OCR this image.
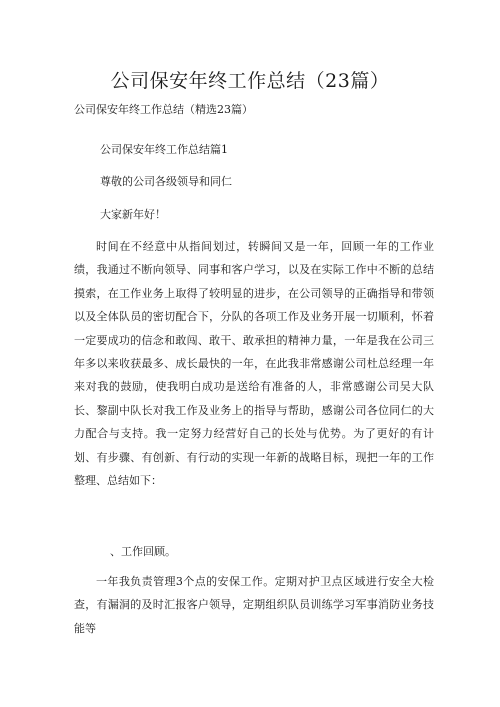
公司保安年终工作总结（23篇）
公司保安年终工作总结（精选23篇）
公司保安年终工作总结篇1
尊敬的公司各级领导和同仁
大家新年好！
时间在不经意中从指间划过，转瞬间又是一年，回顾一年的工作业绩，我通过不断向领导、同事和客户学习，以及在实际工作中不断的总结摸索，在工作业务上取得了较明显的进步，在公司领导的正确指导和带领以及全体队员的密切配合下，分队的各项工作及业务开展一切顺利，怀着一定要成功的信念和敢闯、敢干、敢承担的精神力量，一年是我在公司三年多以来收获最多、成长最快的一年，在此我非常感谢公司杜总经理一年来对我的鼓励，使我明白成功是送给有准备的人，非常感谢公司吴大队长、黎副中队长对我工作及业务上的指导与帮助，感谢公司各位同仁的大力配合与支持。我一定努力经营好自己的长处与优势。为了更好的有计划、有步骤、有创新、有行动的实现一年新的战略目标，现把一年的工作整理、总结如下：
、工作回顾。
一年我负责管理3个点的安保工作。定期对护卫点区域进行安全大检查，有漏洞的及时汇报客户领导，定期组织队员训练学习军事消防业务技能等
